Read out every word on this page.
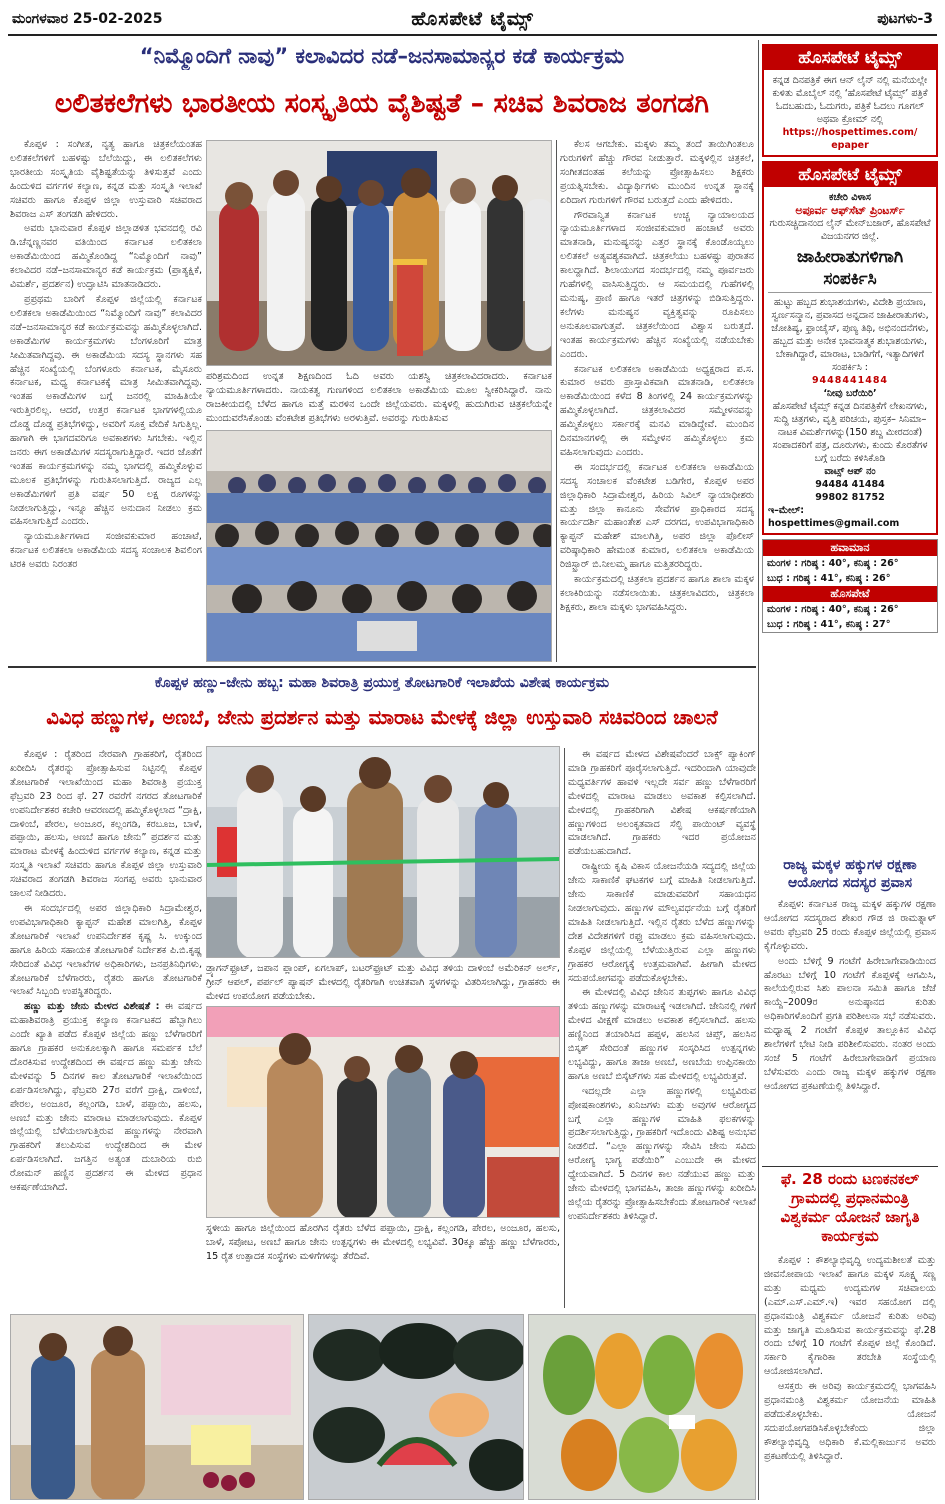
ಮಂಗಳವಾರ 25-02-2025	ಹೊಸಪೇಟೆ ಟೈಮ್ಸ್	ಪುಟಗಳು-3
“ನಿಮ್ಮೊಂದಿಗೆ ನಾವು” ಕಲಾವಿದರ ನಡೆ–ಜನಸಾಮಾನ್ಯರ ಕಡೆ ಕಾರ್ಯಕ್ರಮ
ಲಲಿತಕಲೆಗಳು ಭಾರತೀಯ ಸಂಸ್ಕೃತಿಯ ವೈಶಿಷ್ಟತೆ – ಸಚಿವ ಶಿವರಾಜ ತಂಗಡಗಿ

ಕೊಪ್ಪಳ : ಸಂಗೀತ, ನೃತ್ಯ ಹಾಗೂ ಚಿತ್ರಕಲೆಯಂತಹ ಲಲಿತಕಲೆಗಳಿಗೆ ಬಹಳಷ್ಟು ಬೆಲೆಯಿದ್ದು, ಈ ಲಲಿತಕಲೆಗಳು ಭಾರತೀಯ ಸಂಸ್ಕೃತಿಯ ವೈಶಿಷ್ಟತೆಯನ್ನು ತಿಳಿಸುತ್ತವೆ ಎಂದು ಹಿಂದುಳಿದ ವರ್ಗಗಳ ಕಲ್ಯಾಣ, ಕನ್ನಡ ಮತ್ತು ಸಂಸ್ಕೃತಿ ಇಲಾಖೆ ಸಚಿವರು ಹಾಗೂ ಕೊಪ್ಪಳ ಜಿಲ್ಲಾ ಉಸ್ತುವಾರಿ ಸಚಿವರಾದ ಶಿವರಾಜ ಎಸ್ ತಂಗಡಗಿ ಹೇಳಿದರು.

ಅವರು ಭಾನುವಾರ ಕೊಪ್ಪಳ ಜಿಲ್ಲಾಡಳಿತ ಭವನದಲ್ಲಿ ರವಿ ಡಿ.ಚೆನ್ನಣ್ಣನವರ ವತಿಯಿಂದ ಕರ್ನಾಟಕ ಲಲಿತಕಲಾ ಅಕಾಡೆಮಿಯಿಂದ ಹಮ್ಮಿಕೊಂಡಿದ್ದ “ನಿಮ್ಮೊಂದಿಗೆ ನಾವು” ಕಲಾವಿದರ ನಡೆ–ಜನಸಾಮಾನ್ಯರ ಕಡೆ ಕಾರ್ಯಕ್ರಮ (ಪ್ರಾತ್ಯಕ್ಷಿಕೆ, ವಿಮರ್ಶೆ, ಪ್ರದರ್ಶನ) ಉದ್ಘಾಟಿಸಿ ಮಾತನಾಡಿದರು.

ಪ್ರಪ್ರಥಮ ಬಾರಿಗೆ ಕೊಪ್ಪಳ ಜಿಲ್ಲೆಯಲ್ಲಿ ಕರ್ನಾಟಕ ಲಲಿತಕಲಾ ಅಕಾಡೆಮಿಯಿಂದ “ನಿಮ್ಮೊಂದಿಗೆ ನಾವು” ಕಲಾವಿದರ ನಡೆ–ಜನಸಾಮಾನ್ಯರ ಕಡೆ ಕಾರ್ಯಕ್ರಮವನ್ನು ಹಮ್ಮಿಕೊಳ್ಳಲಾಗಿದೆ. ಅಕಾಡೆಮಿಗಳ ಕಾರ್ಯಕ್ರಮಗಳು ಬೆಂಗಳೂರಿಗೆ ಮಾತ್ರ ಸೀಮಿತವಾಗಿದ್ದವು. ಈ ಅಕಾಡೆಮಿಯ ಸದಸ್ಯ ಸ್ಥಾನಗಳು ಸಹ ಹೆಚ್ಚಿನ ಸಂಖ್ಯೆಯಲ್ಲಿ ಬೆಂಗಳೂರು ಕರ್ನಾಟಕ, ಮೈಸೂರು ಕರ್ನಾಟಕ, ಮಧ್ಯ ಕರ್ನಾಟಕಕ್ಕೆ ಮಾತ್ರ ಸೀಮಿತವಾಗಿದ್ದವು. ಇಂತಹ ಅಕಾಡೆಮಿಗಳ ಬಗ್ಗೆ ಜನರಲ್ಲಿ ಮಾಹಿತಿಯೇ ಇರುತ್ತಿರಲಿಲ್ಲ. ಆದರೆ, ಉತ್ತರ ಕರ್ನಾಟಕ ಭಾಗಗಳಲ್ಲಿಯೂ ದೊಡ್ಡ ದೊಡ್ಡ ಪ್ರತಿಭೆಗಳಿದ್ದು, ಅವರಿಗೆ ಸೂಕ್ತ ವೇದಿಕೆ ಸಿಗುತ್ತಿಲ್ಲ. ಹಾಗಾಗಿ ಈ ಭಾಗದವರಿಗೂ ಅವಕಾಶಗಳು ಸಿಗಬೇಕು. ಇಲ್ಲಿನ ಜನರು ಈಗ ಅಕಾಡೆಮಿಗಳ ಸದಸ್ಯರಾಗುತ್ತಿದ್ದಾರೆ. ಇದರ ಜೊತೆಗೆ ಇಂತಹ ಕಾರ್ಯಕ್ರಮಗಳನ್ನು ನಮ್ಮ ಭಾಗದಲ್ಲಿ ಹಮ್ಮಿಕೊಳ್ಳುವ ಮೂಲಕ ಪ್ರತಿಭೆಗಳನ್ನು ಗುರುತಿಸಲಾಗುತ್ತಿದೆ. ರಾಜ್ಯದ ಎಲ್ಲ ಅಕಾಡೆಮಿಗಳಿಗೆ ಪ್ರತಿ ವರ್ಷ 50 ಲಕ್ಷ ರೂಗಳನ್ನು ನೀಡಲಾಗುತ್ತಿದ್ದು, ಇನ್ನೂ ಹೆಚ್ಚಿನ ಅನುದಾನ ನೀಡಲು ಕ್ರಮ ವಹಿಸಲಾಗುತ್ತಿದೆ ಎಂದರು.

ನ್ಯಾಯಮೂರ್ತಿಗಳಾದ ಸಂಜೀವಕುಮಾರ ಹಂಚಾಟೆ, ಕರ್ನಾಟಕ ಲಲಿತಕಲಾ ಅಕಾಡೆಮಿಯ ಸದಸ್ಯ ಸಂಚಾಲಕ ಶಿವಲಿಂಗ ಟಿರಕಿ ಅವರು ನಿರಂತರ

ಪರಿಶ್ರಮದಿಂದ ಉನ್ನತ ಶಿಕ್ಷಣದಿಂದ ಓದಿ ಅವರು ಯಶಸ್ವಿ ಚಿತ್ರಕಲಾವಿದರಾದರು. ಕರ್ನಾಟಕ ನ್ಯಾಯಮೂರ್ತಿಗಳಾದರು. ನಾಯಕತ್ವ ಗುಣಗಳಿಂದ ಲಲಿತಕಲಾ ಅಕಾಡೆಮಿಯ ಮೂಲ ಸ್ವೀಕರಿಸಿದ್ದಾರೆ. ನಾನು ರಾಜಕೀಯದಲ್ಲಿ ಬೆಳೆದ ಹಾಗೂ ಮತ್ತೆ ಮರಳಿನ ಒಂದೇ ಜಿಲ್ಲೆಯವರು. ಮಕ್ಕಳಲ್ಲಿ ಹುದುಗಿರುವ ಚಿತ್ರಕಲೆಯನ್ನೇ ಮುಂದುವರೆಸಿಕೊಂಡು ವೆಂಕಟೇಶ ಪ್ರತಿಭೆಗಳು ಅರಳುತ್ತಿವೆ. ಅವರನ್ನು ಗುರುತಿಸುವ

ಕೆಲಸ ಆಗಬೇಕು. ಮಕ್ಕಳು ತಮ್ಮ ತಂದೆ ತಾಯಿಗಿಂತಲೂ ಗುರುಗಳಿಗೆ ಹೆಚ್ಚು ಗೌರವ ನೀಡುತ್ತಾರೆ. ಮಕ್ಕಳಲ್ಲಿನ ಚಿತ್ರಕಲೆ, ಸಂಗೀತದಂತಹ ಕಲೆಯನ್ನು ಪ್ರೋತ್ಸಾಹಿಸಲು ಶಿಕ್ಷಕರು ಪ್ರಯತ್ನಿಸಬೇಕು. ವಿದ್ಯಾರ್ಥಿಗಳು ಮುಂದಿನ ಉನ್ನತ ಸ್ಥಾನಕ್ಕೆ ಏರಿದಾಗ ಗುರುಗಳಿಗೆ ಗೌರವ ಬರುತ್ತದೆ ಎಂದು ಹೇಳಿದರು.

ಗೌರವಾನ್ವಿತ ಕರ್ನಾಟಕ ಉಚ್ಚ ನ್ಯಾಯಾಲಯದ ನ್ಯಾಯಮೂರ್ತಿಗಳಾದ ಸಂಜೀವಕುಮಾರ ಹಂಚಾಟೆ ಅವರು ಮಾತನಾಡಿ, ಮನುಷ್ಯನನ್ನು ಎತ್ತರ ಸ್ಥಾನಕ್ಕೆ ಕೊಂಡೊಯ್ಯಲು ಲಲಿತಕಲೆ ಅತ್ಯವಶ್ಯಕವಾಗಿದೆ. ಚಿತ್ರಕಲೆಯು ಬಹಳಷ್ಟು ಪುರಾತನ ಕಾಲದ್ದಾಗಿದೆ. ಶಿಲಾಯುಗದ ಸಂದರ್ಭದಲ್ಲಿ ನಮ್ಮ ಪೂರ್ವಜರು ಗುಹೆಗಳಲ್ಲಿ ವಾಸಿಸುತ್ತಿದ್ದರು. ಆ ಸಮಯದಲ್ಲಿ ಗುಹೆಗಳಲ್ಲಿ ಮನುಷ್ಯ, ಪ್ರಾಣಿ ಹಾಗೂ ಇತರೆ ಚಿತ್ರಗಳನ್ನು ಬಿಡಿಸುತ್ತಿದ್ದರು. ಕಲೆಗಳು ಮನುಷ್ಯನ ವ್ಯಕ್ತಿತ್ವವನ್ನು ರೂಪಿಸಲು ಅನುಕೂಲವಾಗುತ್ತವೆ. ಚಿತ್ರಕಲೆಯಿಂದ ವಿಶ್ವಾಸ ಬರುತ್ತದೆ. ಇಂತಹ ಕಾರ್ಯಕ್ರಮಗಳು ಹೆಚ್ಚಿನ ಸಂಖ್ಯೆಯಲ್ಲಿ ನಡೆಯಬೇಕು ಎಂದರು.

ಕರ್ನಾಟಕ ಲಲಿತಕಲಾ ಅಕಾಡೆಮಿಯ ಅಧ್ಯಕ್ಷರಾದ ಪ.ಸ. ಕುಮಾರ ಅವರು ಪ್ರಾಸ್ತಾವಿಕವಾಗಿ ಮಾತನಾಡಿ, ಲಲಿತಕಲಾ ಅಕಾಡೆಮಿಯಿಂದ ಕಳೆದ 8 ತಿಂಗಳಲ್ಲಿ 24 ಕಾರ್ಯಕ್ರಮಗಳನ್ನು ಹಮ್ಮಿಕೊಳ್ಳಲಾಗಿದೆ. ಚಿತ್ರಕಲಾವಿದರ ಸಮ್ಮೇಳನವನ್ನು ಹಮ್ಮಿಕೊಳ್ಳಲು ಸರ್ಕಾರಕ್ಕೆ ಮನವಿ ಮಾಡಿದ್ದೇವೆ. ಮುಂದಿನ ದಿನಮಾನಗಳಲ್ಲಿ ಈ ಸಮ್ಮೇಳನ ಹಮ್ಮಿಕೊಳ್ಳಲು ಕ್ರಮ ವಹಿಸಲಾಗುವುದು ಎಂದರು.

ಈ ಸಂದರ್ಭದಲ್ಲಿ ಕರ್ನಾಟಕ ಲಲಿತಕಲಾ ಅಕಾಡೆಮಿಯ ಸದಸ್ಯ ಸಂಚಾಲಕ ವೆಂಕಟೇಶ ಬಡಿಗೇರ, ಕೊಪ್ಪಳ ಅಪರ ಜಿಲ್ಲಾಧಿಕಾರಿ ಸಿದ್ರಾಮೇಶ್ವರ, ಹಿರಿಯ ಸಿವಿಲ್ ನ್ಯಾಯಾಧೀಶರು ಮತ್ತು ಜಿಲ್ಲಾ ಕಾನೂನು ಸೇವೆಗಳ ಪ್ರಾಧಿಕಾರದ ಸದಸ್ಯ ಕಾರ್ಯದರ್ಶಿ ಮಹಾಂತೇಶ ಎಸ್ ದರಗದ, ಉಪವಿಭಾಗಾಧಿಕಾರಿ ಕ್ಯಾಪ್ಟನ್ ಮಹೇಶ್ ಮಾಲಗಿತ್ತಿ, ಅಪರ ಜಿಲ್ಲಾ ಪೊಲೀಸ್ ವರಿಷ್ಠಾಧಿಕಾರಿ ಹೇಮಂತ ಕುಮಾರ, ಲಲಿತಕಲಾ ಅಕಾಡೆಮಿಯ ರಿಜಿಸ್ಟ್ರಾರ್ ಬಿ.ನೀಲಮ್ಮ ಹಾಗೂ ಮತ್ತಿತರರಿದ್ದರು.

ಕಾರ್ಯಕ್ರಮದಲ್ಲಿ ಚಿತ್ರಕಲಾ ಪ್ರದರ್ಶನ ಹಾಗೂ ಶಾಲಾ ಮಕ್ಕಳ ಕಲಾಕಿರಿಯನ್ನು ನಡೆಸಲಾಯಿತು. ಚಿತ್ರಕಲಾವಿದರು, ಚಿತ್ರಕಲಾ ಶಿಕ್ಷಕರು, ಶಾಲಾ ಮಕ್ಕಳು ಭಾಗವಹಿಸಿದ್ದರು.

ಕೊಪ್ಪಳ ಹಣ್ಣು–ಜೇನು ಹಬ್ಬ: ಮಹಾ ಶಿವರಾತ್ರಿ ಪ್ರಯುಕ್ತ ತೋಟಗಾರಿಕೆ ಇಲಾಖೆಯ ವಿಶೇಷ ಕಾರ್ಯಕ್ರಮ
ವಿವಿಧ ಹಣ್ಣುಗಳ, ಅಣಬೆ, ಜೇನು ಪ್ರದರ್ಶನ ಮತ್ತು ಮಾರಾಟ ಮೇಳಕ್ಕೆ ಜಿಲ್ಲಾ ಉಸ್ತುವಾರಿ ಸಚಿವರಿಂದ ಚಾಲನೆ

ಕೊಪ್ಪಳ : ರೈತರಿಂದ ನೇರವಾಗಿ ಗ್ರಾಹಕರಿಗೆ, ರೈತರಿಂದ ಖರೀದಿಸಿ ರೈತರನ್ನು ಪ್ರೋತ್ಸಾಹಿಸುವ ನಿಟ್ಟಿನಲ್ಲಿ ಕೊಪ್ಪಳ ತೋಟಗಾರಿಕೆ ಇಲಾಖೆಯಿಂದ ಮಹಾ ಶಿವರಾತ್ರಿ ಪ್ರಯುಕ್ತ ಫೆಬ್ರವರಿ 23 ರಿಂದ ಫೆ. 27 ರವರೆಗೆ ನಗರದ ತೋಟಗಾರಿಕೆ ಉಪನಿರ್ದೇಶಕರ ಕಚೇರಿ ಆವರಣದಲ್ಲಿ ಹಮ್ಮಿಕೊಳ್ಳಲಾದ “ದ್ರಾಕ್ಷಿ, ದಾಳಿಂಬೆ, ಪೇರಲ, ಅಂಜೂರ, ಕಲ್ಲಂಗಡಿ, ಕರಬೂಜ, ಬಾಳೆ, ಪಪ್ಪಾಯಿ, ಹಲಸು, ಅಣಬೆ ಹಾಗೂ ಜೇನು” ಪ್ರದರ್ಶನ ಮತ್ತು ಮಾರಾಟ ಮೇಳಕ್ಕೆ ಹಿಂದುಳಿದ ವರ್ಗಗಳ ಕಲ್ಯಾಣ, ಕನ್ನಡ ಮತ್ತು ಸಂಸ್ಕೃತಿ ಇಲಾಖೆ ಸಚಿವರು ಹಾಗೂ ಕೊಪ್ಪಳ ಜಿಲ್ಲಾ ಉಸ್ತುವಾರಿ ಸಚಿವರಾದ ತಂಗಡಗಿ ಶಿವರಾಜ ಸಂಗಪ್ಪ ಅವರು ಭಾನುವಾರ ಚಾಲನೆ ನೀಡಿದರು.

ಈ ಸಂದರ್ಭದಲ್ಲಿ ಅಪರ ಜಿಲ್ಲಾಧಿಕಾರಿ ಸಿದ್ರಾಮೇಶ್ವರ, ಉಪವಿಭಾಗಾಧಿಕಾರಿ ಕ್ಯಾಪ್ಟನ್ ಮಹೇಶ ಮಾಲಗಿತ್ತಿ, ಕೊಪ್ಪಳ ತೋಟಗಾರಿಕೆ ಇಲಾಖೆ ಉಪನಿರ್ದೇಶಕ ಕೃಷ್ಣ ಸಿ. ಉಕ್ಕುಂದ ಹಾಗೂ ಹಿರಿಯ ಸಹಾಯಕ ತೋಟಗಾರಿಕೆ ನಿರ್ದೇಶಕ ಪಿ.ಬಿ.ಕೃಷ್ಣ ಸೇರಿದಂತೆ ವಿವಿಧ ಇಲಾಖೆಗಳ ಅಧಿಕಾರಿಗಳು, ಜನಪ್ರತಿನಿಧಿಗಳು, ತೋಟಗಾರಿಕೆ ಬೆಳೆಗಾರರು, ರೈತರು ಹಾಗೂ ತೋಟಗಾರಿಕೆ ಇಲಾಖೆ ಸಿಬ್ಬಂದಿ ಉಪಸ್ಥಿತರಿದ್ದರು.

ಹಣ್ಣು ಮತ್ತು ಜೇನು ಮೇಳದ ವಿಶೇಷತೆ : ಈ ವರ್ಷದ ಮಹಾಶಿವರಾತ್ರಿ ಪ್ರಯುಕ್ತ ಕಲ್ಯಾಣ ಕರ್ನಾಟಕದ ಹೆಬ್ಬಾಗಿಲು ಎಂದೇ ಖ್ಯಾತಿ ಪಡೆದ ಕೊಪ್ಪಳ ಜಿಲ್ಲೆಯ ಹಣ್ಣು ಬೆಳೆಗಾರರಿಗೆ ಹಾಗೂ ಗ್ರಾಹಕರ ಅನುಕೂಲಕ್ಕಾಗಿ ಹಾಗೂ ಸಮರ್ಪಕ ಬೆಲೆ ದೊರಕಿಸುವ ಉದ್ದೇಶದಿಂದ ಈ ವರ್ಷದ ಹಣ್ಣು ಮತ್ತು ಜೇನು ಮೇಳವನ್ನು 5 ದಿನಗಳ ಕಾಲ ತೋಟಗಾರಿಕೆ ಇಲಾಖೆಯಿಂದ ಏರ್ಪಡಿಸಲಾಗಿದ್ದು, ಫೆಬ್ರವರಿ 27ರ ವರೆಗೆ ದ್ರಾಕ್ಷಿ, ದಾಳಿಂಬೆ, ಪೇರಲ, ಅಂಜೂರ, ಕಲ್ಲಂಗಡಿ, ಬಾಳೆ, ಪಪ್ಪಾಯಿ, ಹಲಸು, ಅಣಬೆ ಮತ್ತು ಜೇನು ಮಾರಾಟ ಮಾಡಲಾಗುವುದು. ಕೊಪ್ಪಳ ಜಿಲ್ಲೆಯಲ್ಲಿ ಬೆಳೆಯಲಾಗುತ್ತಿರುವ ಹಣ್ಣುಗಳನ್ನು ನೇರವಾಗಿ ಗ್ರಾಹಕರಿಗೆ ತಲುಪಿಸುವ ಉದ್ದೇಶದಿಂದ ಈ ಮೇಳ ಏರ್ಪಡಿಸಲಾಗಿದೆ. ಜಗತ್ತಿನ ಅತ್ಯಂತ ದುಬಾರಿಯ ರುಬಿ ರೋಮನ್ ಹಣ್ಣಿನ ಪ್ರದರ್ಶನ ಈ ಮೇಳದ ಪ್ರಧಾನ ಆಕರ್ಷಣೆಯಾಗಿದೆ.

ಡ್ರ್ಯಾಗನ್‌ಫ್ರೂಟ್, ಜಪಾನ ಪ್ಲಾಂಪ್, ಏಗಲಾಪ್, ಬಟರ್‌ಫ್ರೂಟ್ ಮತ್ತು ವಿವಿಧ ತಳಿಯ ದಾಳಿಂಬೆ ಅಮೆರಿಕನ್ ಅರ್ಲ್, ಗ್ರೀನ್ ಆಪಲ್, ಪರ್ಪಲ್ ಪ್ಯಾಷನ್ ಮೇಳದಲ್ಲಿ ರೈತರಿಗಾಗಿ ಉಚಿತವಾಗಿ ಸ್ಥಳಗಳನ್ನು ವಿತರಿಸಲಾಗಿದ್ದು, ಗ್ರಾಹಕರು ಈ ಮೇಳದ ಉಪಯೋಗ ಪಡೆಯಬೇಕು.
ಸ್ಥಳೀಯ ಹಾಗೂ ಜಿಲ್ಲೆಯಿಂದ ಹೊರಗಿನ ರೈತರು ಬೆಳೆದ ಪಪ್ಪಾಯಿ, ದ್ರಾಕ್ಷಿ, ಕಲ್ಲಂಗಡಿ, ಪೇರಲ, ಅಂಜೂರ, ಹಲಸು, ಬಾಳೆ, ಸಪೋಟ, ಅಣಬೆ ಹಾಗೂ ಜೇನು ಉತ್ಪನ್ನಗಳು ಈ ಮೇಳದಲ್ಲಿ ಲಭ್ಯವಿವೆ. 30ಕ್ಕೂ ಹೆಚ್ಚು ಹಣ್ಣು ಬೆಳೆಗಾರರು, 15 ರೈತ ಉತ್ಪಾದಕ ಸಂಸ್ಥೆಗಳು ಮಳಿಗೆಗಳನ್ನು ತೆರೆದಿವೆ.

ಈ ವರ್ಷದ ಮೇಳದ ವಿಶೇಷವೆಂದರೆ ಬಾಕ್ಸ್ ಪ್ಯಾಕಿಂಗ್ ಮಾಡಿ ಗ್ರಾಹಕರಿಗೆ ಪೂರೈಸಲಾಗುತ್ತಿದೆ. ಇದರಿಂದಾಗಿ ಯಾವುದೇ ಮಧ್ಯವರ್ತಿಗಳ ಹಾವಳಿ ಇಲ್ಲದೇ ಸರ್ವ ಹಣ್ಣು ಬೆಳೆಗಾರರಿಗೆ ಮೇಳದಲ್ಲಿ ಮಾರಾಟ ಮಾಡಲು ಅವಕಾಶ ಕಲ್ಪಿಸಲಾಗಿದೆ. ಮೇಳದಲ್ಲಿ ಗ್ರಾಹಕರಿಗಾಗಿ ವಿಶೇಷ ಆಕರ್ಷಣೆಯಾಗಿ ಹಣ್ಣುಗಳಿಂದ ಅಲಂಕೃತವಾದ ಸೆಲ್ಫಿ ಪಾಯಿಂಟ್‌ ವ್ಯವಸ್ಥೆ ಮಾಡಲಾಗಿದೆ. ಗ್ರಾಹಕರು ಇದರ ಪ್ರಯೋಜನ ಪಡೆಯಬಹುದಾಗಿದೆ.

ರಾಷ್ಟ್ರೀಯ ಕೃಷಿ ವಿಕಾಸ ಯೋಜನೆಯಡಿ ಸದ್ಯದಲ್ಲಿ ಜಿಲ್ಲೆಯ ಜೇನು ಸಾಕಾಣಿಕೆ ಘಟಕಗಳ ಬಗ್ಗೆ ಮಾಹಿತಿ ನೀಡಲಾಗುತ್ತಿದೆ. ಜೇನು ಸಾಕಾಣಿಕೆ ಮಾಡುವವರಿಗೆ ಸಹಾಯಧನ ನೀಡಲಾಗುವುದು. ಹಣ್ಣುಗಳ ಮೌಲ್ಯವರ್ಧನೆಯ ಬಗ್ಗೆ ರೈತರಿಗೆ ಮಾಹಿತಿ ನೀಡಲಾಗುತ್ತಿದೆ. ಇಲ್ಲಿನ ರೈತರು ಬೆಳೆದ ಹಣ್ಣುಗಳನ್ನು ದೇಶ ವಿದೇಶಗಳಿಗೆ ರಫ್ತು ಮಾಡಲು ಕ್ರಮ ವಹಿಸಲಾಗುವುದು. ಕೊಪ್ಪಳ ಜಿಲ್ಲೆಯಲ್ಲಿ ಬೆಳೆಯುತ್ತಿರುವ ಎಲ್ಲಾ ಹಣ್ಣುಗಳು ಗ್ರಾಹಕರ ಆರೋಗ್ಯಕ್ಕೆ ಉತ್ತಮವಾಗಿವೆ. ಹೀಗಾಗಿ ಮೇಳದ ಸದುಪಯೋಗವನ್ನು ಪಡೆದುಕೊಳ್ಳಬೇಕು.

ಈ ಮೇಳದಲ್ಲಿ ವಿವಿಧ ಜೇನಿನ ತುಪ್ಪಗಳು ಹಾಗೂ ವಿವಿಧ ತಳಿಯ ಹಣ್ಣುಗಳನ್ನು ಮಾರಾಟಕ್ಕೆ ಇಡಲಾಗಿದೆ. ಜೇನಿನಲ್ಲಿ ಗಳಿಗೆ ಮೇಳದ ವೀಕ್ಷಣೆ ಮಾಡಲು ಅವಕಾಶ ಕಲ್ಪಿಸಲಾಗಿದೆ. ಹಲಸು ಹಣ್ಣಿನಿಂದ ತಯಾರಿಸಿದ ಹಪ್ಪಳ, ಹಲಸಿನ ಚಿಪ್ಸ್, ಹಲಸಿನ ಬಿಸ್ಕತ್‌ ಸೇರಿದಂತೆ ಹಣ್ಣುಗಳ ಸಂಸ್ಕರಿಸಿದ ಉತ್ಪನ್ನಗಳು ಲಭ್ಯವಿದ್ದು, ಹಾಗೂ ತಾಜಾ ಅಣಬೆ, ಅಣಬೆಯ ಉಪ್ಪಿನಕಾಯಿ ಹಾಗೂ ಅಣಬೆ ಬಿಸ್ಕೆಟ್‌ಗಳು ಸಹ ಮೇಳದಲ್ಲಿ ಲಭ್ಯವಿರುತ್ತವೆ.

ಇದಲ್ಲದೇ ಎಲ್ಲಾ ಹಣ್ಣುಗಳಲ್ಲಿ ಲಭ್ಯವಿರುವ ಪೋಷಕಾಂಶಗಳು, ಖನಿಜಗಳು ಮತ್ತು ಅವುಗಳ ಆರೋಗ್ಯದ ಬಗ್ಗೆ ಎಲ್ಲಾ ಹಣ್ಣುಗಳ ಮಾಹಿತಿ ಫಲಕಗಳನ್ನು ಪ್ರದರ್ಶಿಸಲಾಗುತ್ತಿದ್ದು, ಗ್ರಾಹಕರಿಗೆ ಇದೊಂದು ವಿಶಿಷ್ಟ ಅನುಭವ ನೀಡಲಿದೆ. “ಎಲ್ಲಾ ಹಣ್ಣುಗಳನ್ನು ಸೇವಿಸಿ ಜೇನು ಸವಿದು ಆರೋಗ್ಯ ಭಾಗ್ಯ ಪಡೆಯಿರಿ” ಎಂಬುದೇ ಈ ಮೇಳದ ಧ್ಯೇಯವಾಗಿದೆ. 5 ದಿನಗಳ ಕಾಲ ನಡೆಯುವ ಹಣ್ಣು ಮತ್ತು ಜೇನು ಮೇಳದಲ್ಲಿ ಭಾಗವಹಿಸಿ, ತಾಜಾ ಹಣ್ಣುಗಳನ್ನು ಖರೀದಿಸಿ ಜಿಲ್ಲೆಯ ರೈತರನ್ನು ಪ್ರೋತ್ಸಾಹಿಸಬೇಕೆಂದು ತೋಟಗಾರಿಕೆ ಇಲಾಖೆ ಉಪನಿರ್ದೇಶಕರು ತಿಳಿಸಿದ್ದಾರೆ.

ಹೊಸಪೇಟೆ ಟೈಮ್ಸ್

ಕನ್ನಡ ದಿನಪತ್ರಿಕೆ ಈಗ ಆನ್ ಲೈನ್ ನಲ್ಲಿ ಮನೆಯಲ್ಲೇ ಕುಳಿತು ಮೊಬೈಲ್ ನಲ್ಲಿ ‘ಹೊಸಪೇಟೆ ಟೈಮ್ಸ್’ ಪತ್ರಿಕೆ ಓದಬಹುದು, ಓದುಗರು, ಪತ್ರಿಕೆ ಓದಲು ಗೂಗಲ್ ಅಥವಾ ಕ್ರೋಮ್ ನಲ್ಲಿ

https://hospettimes.com/ epaper

ಹೊಸಪೇಟೆ ಟೈಮ್ಸ್

ಕಚೇರಿ ವಿಳಾಸ

ಅಪೂರ್ವ ಆಫ್‌ಸೆಟ್ ಪ್ರಿಂಟರ್ಸ್

ಗುರುಸಚ್ಚಿದಾನಂದ ಲೈನ್ ಮೇನ್‌ಬಜಾರ್, ಹೊಸಪೇಟೆ ವಿಜಯನಗರ ಜಿಲ್ಲೆ.

ಜಾಹೀರಾತುಗಳಿಗಾಗಿ

ಸಂಪರ್ಕಿಸಿ

ಹುಟ್ಟು ಹಬ್ಬದ ಶುಭಾಶಯಗಳು, ವಿದೇಶಿ ಪ್ರಯಾಣ, ಸ್ವರ್ಣಸನ್ಮಾನ, ಪ್ರವಾಸದ ಅನ್ನದಾನ ಜಾಹೀರಾತುಗಳು, ಜೋತಿಷ್ಯ, ಫ್ರಾಂಚೈಸ್, ಪುಣ್ಯ ತಿಥಿ, ಅಭಿನಂದನೆಗಳು, ಹಬ್ಬದ ಮತ್ತು ಅನೇಕ ಭಾವನಾತ್ಮಕ ಶುಭಾಶಯಗಳು, ಬೇಕಾಗಿದ್ದಾರೆ, ಮಾರಾಟ, ಬಾಡಿಗೆಗೆ, ಇತ್ಯಾದಿಗಳಿಗೆ

ಸಂಪರ್ಕಿಸಿ :

9448441484

‘ನೀವು ಬರೆಯಿರಿ’

ಹೊಸಪೇಟೆ ಟೈಮ್ಸ್ ಕನ್ನಡ ದಿನಪತ್ರಿಕೆಗೆ ಲೇಖನಗಳು, ಸುದ್ದಿ ಚಿತ್ರಗಳು, ವೃತ್ತಿ ಪರಿಚಯ, ಪುಸ್ತಕ– ಸಿನಿಮಾ–ನಾಟಕ ವಿಮರ್ಶೆಗಳನ್ನು(150 ಶಬ್ದ ಮೀರದಂತೆ) ಸಂಪಾದಕರಿಗೆ ಪತ್ರ, ದೂರುಗಳು, ಕುಂದು ಕೊರತೆಗಳ ಬಗ್ಗೆ ಬರೆದು ಕಳಿಸಿಕೊಡಿ

ವಾಟ್ಸ್ ಆಪ್ ನಂ

94484 41484

99802 81752

ಇ–ಮೇಲ್: hospettimes@gmail.com

ಹವಾಮಾನ
ಮಂಗಳ : ಗರಿಷ್ಠ : 40°, ಕನಿಷ್ಠ : 26°
ಬುಧ : ಗರಿಷ್ಠ : 41°, ಕನಿಷ್ಠ : 26°
ಹೊಸಪೇಟೆ
ಮಂಗಳ : ಗರಿಷ್ಠ : 40°, ಕನಿಷ್ಠ : 26°
ಬುಧ : ಗರಿಷ್ಠ : 41°, ಕನಿಷ್ಠ : 27°
ರಾಜ್ಯ ಮಕ್ಕಳ ಹಕ್ಕುಗಳ ರಕ್ಷಣಾ ಆಯೋಗದ ಸದಸ್ಯರ ಪ್ರವಾಸ

ಕೊಪ್ಪಳ: ಕರ್ನಾಟಕ ರಾಜ್ಯ ಮಕ್ಕಳ ಹಕ್ಕುಗಳ ರಕ್ಷಣಾ ಆಯೋಗದ ಸದಸ್ಯರಾದ ಶೇಖರ ಗೌಡ ಜಿ ರಾಮತ್ನಾಳ್ ಅವರು ಫೆಬ್ರವರಿ 25 ರಂದು ಕೊಪ್ಪಳ ಜಿಲ್ಲೆಯಲ್ಲಿ ಪ್ರವಾಸ ಕೈಗೊಳ್ಳುವರು.

ಅಂದು ಬೆಳಿಗ್ಗೆ 9 ಗಂಟೆಗೆ ಹಿರೇಬಾಗೇವಾಡಿಯಿಂದ ಹೊರಟು ಬೆಳಿಗ್ಗೆ 10 ಗಂಟೆಗೆ ಕೊಪ್ಪಳಕ್ಕೆ ಆಗಮಿಸಿ, ಕಾಲೆಯಲ್ಲಿರುವ ಸಿಶು ಪಾಲನಾ ಸಮಿತಿ ಹಾಗೂ ಜೆಜೆ ಕಾಯ್ದೆ–2009ರ ಅನುಷ್ಠಾನದ ಕುರಿತು ಅಧಿಕಾರಿಗಳೊಂದಿಗೆ ಪ್ರಗತಿ ಪರಿಶೀಲನಾ ಸಭೆ ನಡೆಸುವರು. ಮಧ್ಯಾಹ್ನ 2 ಗಂಟೆಗೆ ಕೊಪ್ಪಳ ತಾಲ್ಲೂಕಿನ ವಿವಿಧ ಶಾಲೆಗಳಿಗೆ ಭೇಟಿ ನೀಡಿ ಪರಿಶೀಲಿಸುವರು. ನಂತರ ಅಂದು ಸಂಜೆ 5 ಗಂಟೆಗೆ ಹಿರೇಬಾಗೇವಾಡಿಗೆ ಪ್ರಯಾಣ ಬೆಳೆಸುವರು ಎಂದು ರಾಜ್ಯ ಮಕ್ಕಳ ಹಕ್ಕುಗಳ ರಕ್ಷಣಾ ಆಯೋಗದ ಪ್ರಕಟಣೆಯಲ್ಲಿ ತಿಳಿಸಿದ್ದಾರೆ.

ಫೆ. 28 ರಂದು ಟಣಕನಕಲ್ ಗ್ರಾಮದಲ್ಲಿ ಪ್ರಧಾನಮಂತ್ರಿ ವಿಶ್ವಕರ್ಮ ಯೋಜನೆ ಜಾಗೃತಿ ಕಾರ್ಯಕ್ರಮ

ಕೊಪ್ಪಳ : ಕೌಶಲ್ಯಾಭಿವೃದ್ಧಿ ಉದ್ಯಮಶೀಲತೆ ಮತ್ತು ಜೀವನೋಪಾಯ ಇಲಾಖೆ ಹಾಗೂ ಮಕ್ಕಳ ಸೂಕ್ಷ್ಮ ಸಣ್ಣ ಮತ್ತು ಮಧ್ಯಮ ಉದ್ಯಮಗಳ ಸಚಿವಾಲಯ (ಎಮ್.ಎಸ್.ಎಮ್.ಇ) ಇವರ ಸಹಯೋಗ ದಲ್ಲಿ ಪ್ರಧಾನಮಂತ್ರಿ ವಿಶ್ವಕರ್ಮ ಯೋಜನೆ ಕುರಿತು ಅರಿವು ಮತ್ತು ಜಾಗೃತಿ ಮೂಡಿಸುವ ಕಾರ್ಯಕ್ರಮವನ್ನು ಫೆ.28 ರಂದು ಬೆಳಿಗ್ಗೆ 10 ಗಂಟೆಗೆ ಕೊಪ್ಪಳ ಜಿಲ್ಲೆ ಕೊಂಡಿದೆ. ಸರ್ಕಾರಿ ಕೈಗಾರಿಕಾ ತರಬೇತಿ ಸಂಸ್ಥೆಯಲ್ಲಿ ಆಯೋಜಿಸಲಾಗಿದೆ.

ಆಸಕ್ತರು ಈ ಅರಿವು ಕಾರ್ಯಕ್ರಮದಲ್ಲಿ ಭಾಗವಹಿಸಿ ಪ್ರಧಾನಮಂತ್ರಿ ವಿಶ್ವಕರ್ಮ ಯೋಜನೆಯ ಮಾಹಿತಿ ಪಡೆದುಕೊಳ್ಳಬೇಕು. ಯೋಜನೆ ಸದುಪಯೋಗಪಡಿಸಿಕೊಳ್ಳಬೇಕೆಂದು ಜಿಲ್ಲಾ ಕೌಶಲ್ಯಾಭಿವೃದ್ಧಿ ಅಧಿಕಾರಿ ಕೆ.ಮಲ್ಲಿಕಾರ್ಜುನ ಅವರು ಪ್ರಕಟಣೆಯಲ್ಲಿ ತಿಳಿಸಿದ್ದಾರೆ.
